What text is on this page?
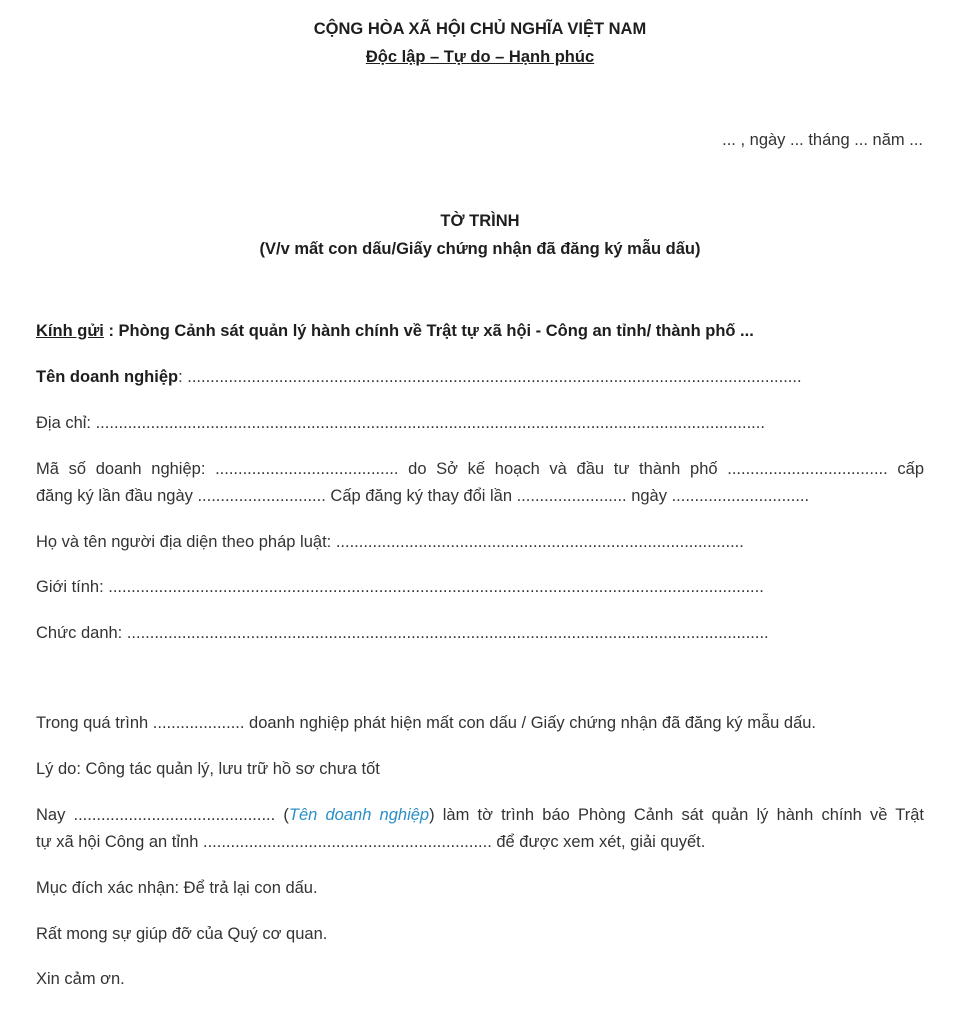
CỘNG HÒA XÃ HỘI CHỦ NGHĨA VIỆT NAM
Độc lập – Tự do – Hạnh phúc
... , ngày ... tháng ... năm ...
TỜ TRÌNH
(V/v mất con dấu/Giấy chứng nhận đã đăng ký mẫu dấu)
Kính gửi : Phòng Cảnh sát quản lý hành chính về Trật tự xã hội - Công an tỉnh/ thành phố ...
Tên doanh nghiệp: ......................................................................................................................................
Địa chỉ: ..................................................................................................................................................
Mã số doanh nghiệp: ........................................ do Sở kế hoạch và đầu tư thành phố ................................... cấp
đăng ký lần đầu ngày ............................ Cấp đăng ký thay đổi lần ........................ ngày ..............................
Họ và tên người địa diện theo pháp luật: .........................................................................................
Giới tính: ...............................................................................................................................................
Chức danh: ............................................................................................................................................
Trong quá trình .................... doanh nghiệp phát hiện mất con dấu / Giấy chứng nhận đã đăng ký mẫu dấu.
Lý do: Công tác quản lý, lưu trữ hồ sơ chưa tốt
Nay ............................................ (Tên doanh nghiệp) làm tờ trình báo Phòng Cảnh sát quản lý hành chính về Trật
tự xã hội Công an tỉnh ............................................................... để được xem xét, giải quyết.
Mục đích xác nhận: Để trả lại con dấu.
Rất mong sự giúp đỡ của Quý cơ quan.
Xin cảm ơn.
